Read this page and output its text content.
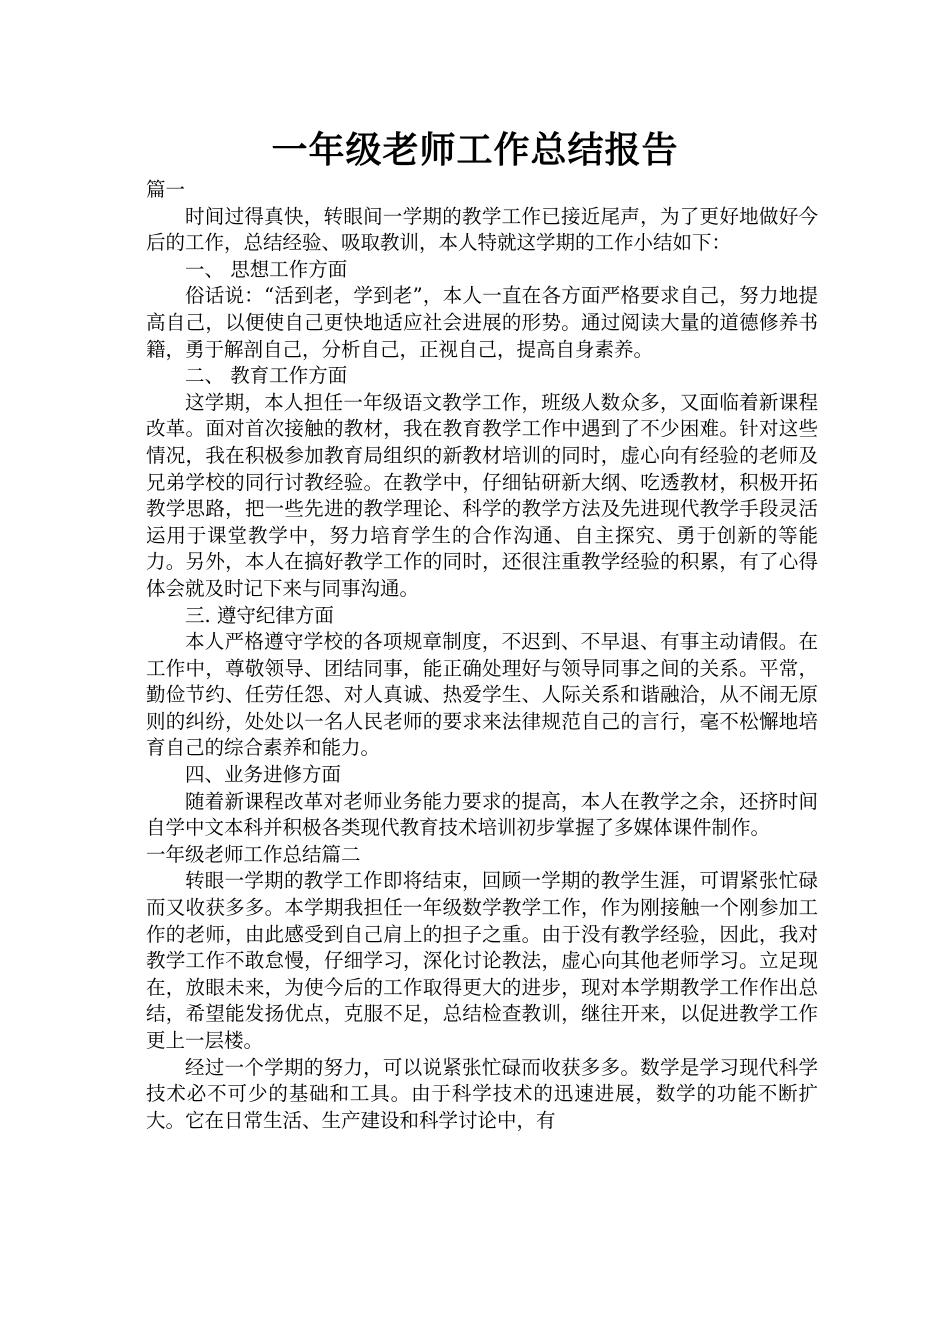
一年级老师工作总结报告

篇一

时间过得真快，转眼间一学期的教学工作已接近尾声，为了更好地做好今后的工作，总结经验、吸取教训，本人特就这学期的工作小结如下：

一、 思想工作方面

俗话说：“活到老，学到老”，本人一直在各方面严格要求自己，努力地提高自己，以便使自己更快地适应社会进展的形势。通过阅读大量的道德修养书籍，勇于解剖自己，分析自己，正视自己，提高自身素养。

二、 教育工作方面

这学期，本人担任一年级语文教学工作，班级人数众多，又面临着新课程改革。面对首次接触的教材，我在教育教学工作中遇到了不少困难。针对这些情况，我在积极参加教育局组织的新教材培训的同时，虚心向有经验的老师及兄弟学校的同行讨教经验。在教学中，仔细钻研新大纲、吃透教材，积极开拓教学思路，把一些先进的教学理论、科学的教学方法及先进现代教学手段灵活运用于课堂教学中，努力培育学生的合作沟通、自主探究、勇于创新的等能力。另外，本人在搞好教学工作的同时，还很注重教学经验的积累，有了心得体会就及时记下来与同事沟通。

三. 遵守纪律方面

本人严格遵守学校的各项规章制度，不迟到、不早退、有事主动请假。在工作中，尊敬领导、团结同事，能正确处理好与领导同事之间的关系。平常，勤俭节约、任劳任怨、对人真诚、热爱学生、人际关系和谐融洽，从不闹无原则的纠纷，处处以一名人民老师的要求来法律规范自己的言行，毫不松懈地培育自己的综合素养和能力。

四、业务进修方面

随着新课程改革对老师业务能力要求的提高，本人在教学之余，还挤时间自学中文本科并积极各类现代教育技术培训初步掌握了多媒体课件制作。

一年级老师工作总结篇二

转眼一学期的教学工作即将结束，回顾一学期的教学生涯，可谓紧张忙碌而又收获多多。本学期我担任一年级数学教学工作，作为刚接触一个刚参加工作的老师，由此感受到自己肩上的担子之重。由于没有教学经验，因此，我对教学工作不敢怠慢，仔细学习，深化讨论教法，虚心向其他老师学习。立足现在，放眼未来，为使今后的工作取得更大的进步，现对本学期教学工作作出总结，希望能发扬优点，克服不足，总结检查教训，继往开来，以促进教学工作更上一层楼。

经过一个学期的努力，可以说紧张忙碌而收获多多。数学是学习现代科学技术必不可少的基础和工具。由于科学技术的迅速进展，数学的功能不断扩大。它在日常生活、生产建设和科学讨论中，有
